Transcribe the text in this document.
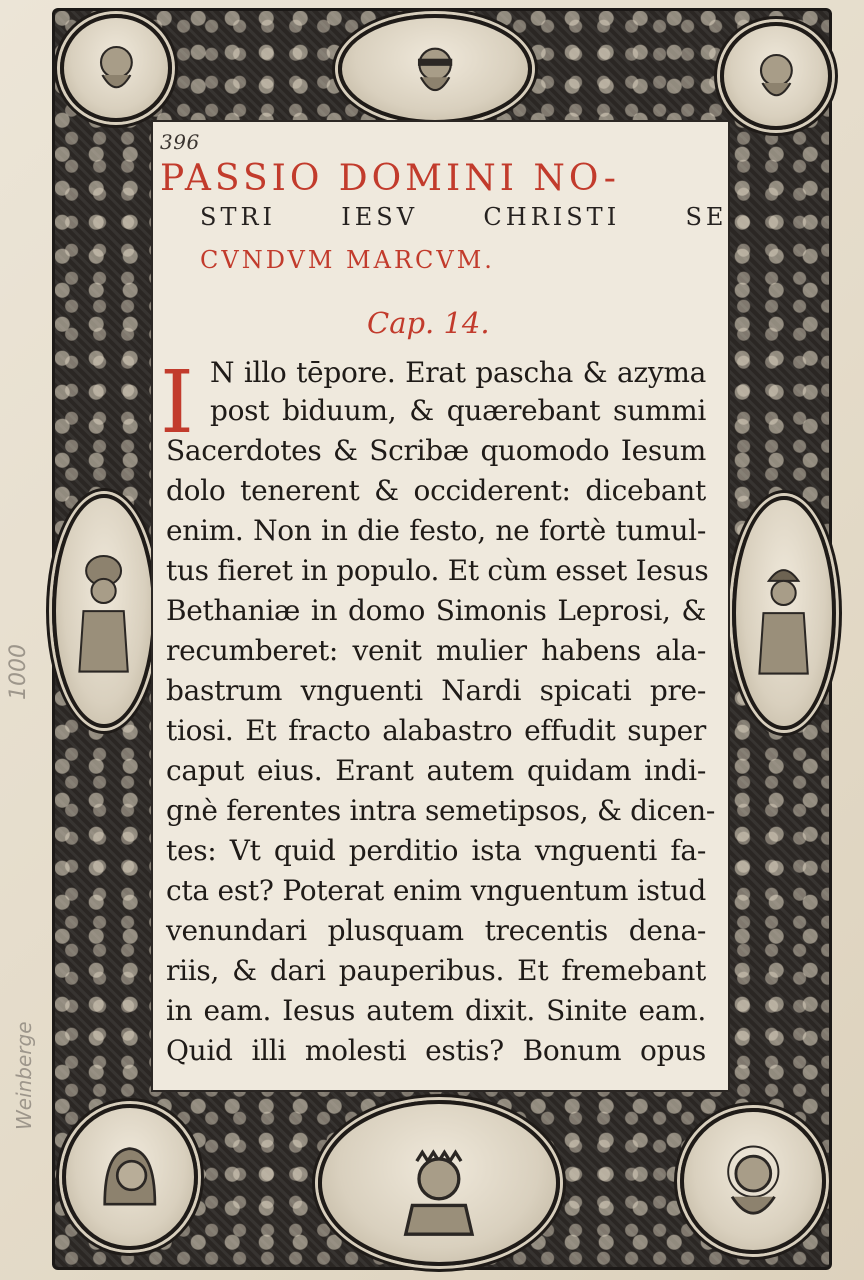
396
PASSIO DOMINI NO-
STRI IESV CHRISTI SE-
CVNDVM MARCVM.
Cap. 14.
I N illo tēpore. Erat pascha & azyma
post biduum, & quærebant summi
Sacerdotes & Scribæ quomodo Iesum
dolo tenerent & occiderent: dicebant
enim. Non in die festo, ne fortè tumul-
tus fieret in populo. Et cùm esset Iesus
Bethaniæ in domo Simonis Leprosi, &
recumberet: venit mulier habens ala-
bastrum vnguenti Nardi spicati pre-
tiosi. Et fracto alabastro effudit super
caput eius. Erant autem quidam indi-
gnè ferentes intra semetipsos, & dicen-
tes: Vt quid perditio ista vnguenti fa-
cta est? Poterat enim vnguentum istud
venundari plusquam trecentis dena-
riis, & dari pauperibus. Et fremebant
in eam. Iesus autem dixit. Sinite eam.
Quid illi molesti estis? Bonum opus
1000
Weinberge
